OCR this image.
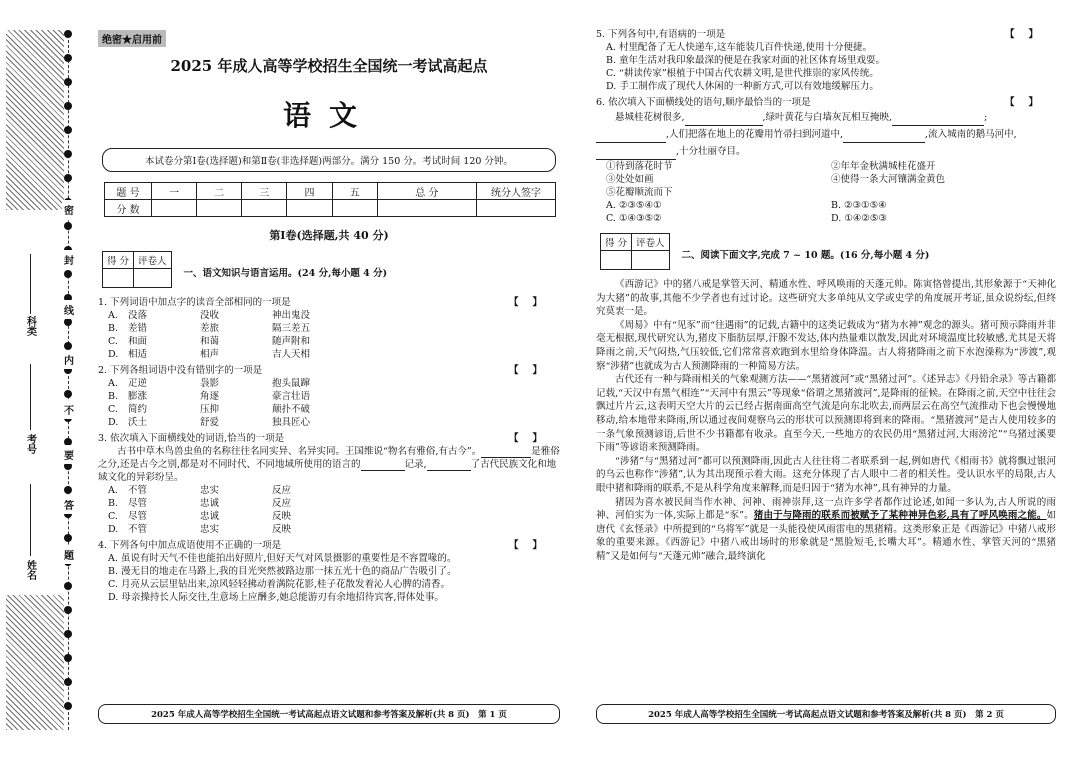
密
封
线
内
不
要
答
题
科类
考号
姓名
绝密★启用前
2025 年成人高等学校招生全国统一考试高起点
语文
本试卷分第Ⅰ卷(选择题)和第Ⅱ卷(非选择题)两部分。满分 150 分。考试时间 120 分钟。
题 号	一	二	三	四	五	总 分	统分人签字
分 数							
第Ⅰ卷(选择题,共 40 分)
得 分	评卷人

一、语文知识与语言运用。(24 分,每小题 4 分)
1. 下列词语中加点字的读音全部相同的一项是	【】
A.	没落	没收	神出鬼没
B.	差错	差旅	隔三差五
C.	和面	和蔼	随声附和
D.	相适	相声	吉人天相
2. 下列各组词语中没有错别字的一项是	【】
A.	疋逆	袅影	抱头鼠蹿
B.	膨涨	角逐	豪言壮语
C.	简约	压抑	颠扑不破
D.	沃土	舒爱	独具匠心
3. 依次填入下面横线处的词语,恰当的一项是	【】
古书中草木鸟兽虫鱼的名称往往名同实异、名异实同。王国维说“物名有雅俗,有古今”。	是雅俗之分,还是古今之别,都是对不同时代、不同地域所使用的语言的	记录,	了古代民族文化和地域文化的异彩纷呈。
A.	不管	忠实	反应
B.	尽管	忠诚	反应
C.	尽管	忠诚	反映
D.	不管	忠实	反映
4. 下列各句中加点成语使用不正确的一项是	【】
A. 虽说有时天气不佳也能拍出好照片,但好天气对风景摄影的重要性是不容置喙的。
B. 漫无目的地走在马路上,我的目光突然被路边那一抹五光十色的商品广告吸引了。
C. 月亮从云层里钻出来,凉风轻轻拂动着满院花影,桂子花散发着沁人心脾的清香。
D. 母亲操持长人际交往,生意场上应酬多,她总能游刃有余地招待宾客,得体处事。
2025 年成人高等学校招生全国统一考试高起点语文试题和参考答案及解析(共 8 页)　第 1 页
5. 下列各句中,有语病的一项是	【】
A. 村里配备了无人快递车,这车能装几百件快递,使用十分便捷。
B. 童年生活对我印象最深的便是在我家对面的社区体育场里戏耍。
C. “耕读传家”根植于中国古代农耕文明,是世代推崇的家风传统。
D. 手工制作成了现代人休闲的一种新方式,可以有效地缓解压力。
6. 依次填入下面横线处的语句,顺序最恰当的一项是	【】
悬城桂花树很多,	,绿叶黄花与白墙灰瓦相互掩映,	;,人们把落在地上的花瓣用竹帚扫到河道中,	,流入城南的鹅马河中,,十分壮丽夺目。
①待到落花时节	②年年金秋满城桂花盛开
③处处如画	④使得一条大河镶满金黄色
⑤花瓣顺流而下
A. ②③⑤④①	B. ②③①⑤④
C. ①④③⑤②	D. ①④②⑤③
得 分	评卷人

二、阅读下面文字,完成 7 ~ 10 题。(16 分,每小题 4 分)

《西游记》中的猪八戒是掌管天河、精通水性、呼风唤雨的天蓬元帅。陈寅恪曾提出,其形象源于“天神化为大猪”的故事,其他不少学者也有过讨论。这些研究大多单纯从文学或史学的角度展开考证,虽众说纷纭,但终究莫衷一是。

《周易》中有“见豕”而“往遇雨”的记载,古籍中的这类记载成为“猪为水神”观念的源头。猪可预示降雨并非毫无根据,现代研究认为,猪皮下脂肪层厚,汗腺不发达,体内热量难以散发,因此对环境温度比较敏感,尤其是天将降雨之前,天气闷热,气压较低,它们常常喜欢跑到水里给身体降温。古人将猪降雨之前下水泡澡称为“涉渡”,观察“涉猪”也就成为古人预测降雨的一种简易方法。

古代还有一种与降雨相关的气象观测方法——“黑猪渡河”或“黑猪过河”。《述异志》《丹铅余录》等古籍都记载,“天汉中有黑气相连”“天河中有黑云”等现象“俗谓之黑猪渡河”,是降雨的征候。在降雨之前,天空中往往会飘过片片云,这表明天空大片的云已经占据南面高空气流是向东北吹去,而两层云在高空气流推动下也会慢慢地移动,给本地带来降雨,所以通过夜间观察乌云的形状可以预测即将到来的降雨。“黑猪渡河”是古人使用较多的一条气象预测谚语,后世不少书籍都有收录。直至今天,一些地方的农民仍用“黑猪过河,大雨滂沱”“乌猪过溪要下雨”等谚语来预测降雨。

“涉猪”与“黑猪过河”都可以预测降雨,因此古人往往将二者联系到一起,例如唐代《相雨书》就将飘过银河的乌云也称作“涉猪”,认为其出现预示着大雨。这充分体现了古人眼中二者的相关性。受认识水平的局限,古人眼中猪和降雨的联系,不是从科学角度来解释,而是归因于“猪为水神”,具有神异的力量。

猪因为喜水被民间当作水神、河神、雨神崇拜,这一点许多学者都作过论述,如闻一多认为,古人所说的雨神、河伯实为一体,实际上都是“豕”。猪由于与降雨的联系而被赋予了某种神异色彩,具有了呼风唤雨之能。如唐代《玄怪录》中所提到的“乌将军”就是一头能役使风雨雷电的黑猪精。这类形象正是《西游记》中猪八戒形象的重要来源。《西游记》中猪八戒出场时的形象就是“黑脸短毛,长嘴大耳”。精通水性、掌管天河的“黑猪精”又是如何与“天蓬元帅”融合,最终演化

2025 年成人高等学校招生全国统一考试高起点语文试题和参考答案及解析(共 8 页)　第 2 页
